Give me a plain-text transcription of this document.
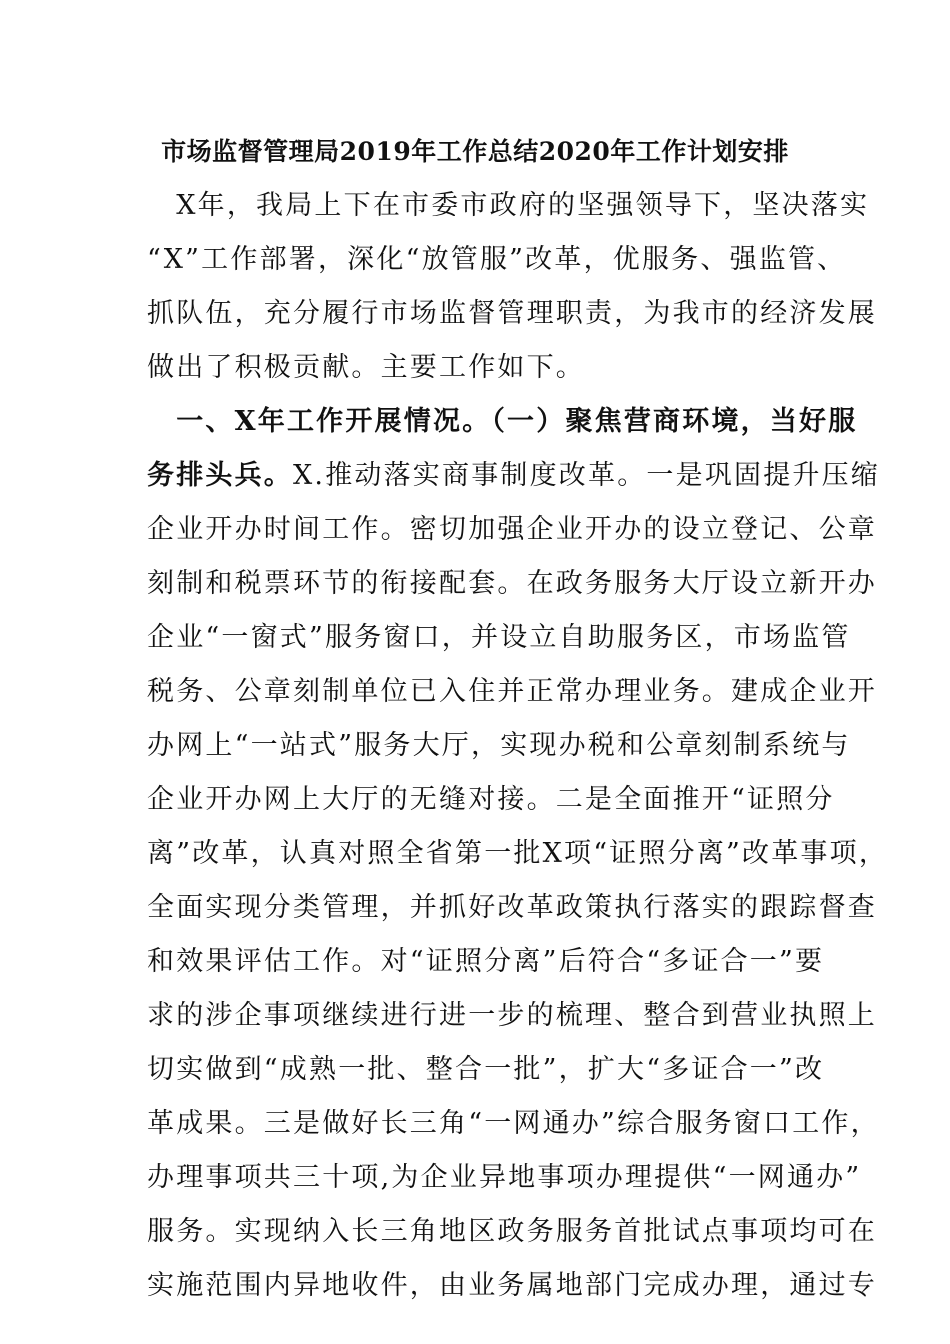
市场监督管理局2019年工作总结2020年工作计划安排
　X年，我局上下在市委市政府的坚强领导下，坚决落实
“X”工作部署，深化“放管服”改革，优服务、强监管、
抓队伍，充分履行市场监督管理职责，为我市的经济发展
做出了积极贡献。主要工作如下。
　一、X年工作开展情况。（一）聚焦营商环境，当好服
务排头兵。X.推动落实商事制度改革。一是巩固提升压缩
企业开办时间工作。密切加强企业开办的设立登记、公章
刻制和税票环节的衔接配套。在政务服务大厅设立新开办
企业“一窗式”服务窗口，并设立自助服务区，市场监管
税务、公章刻制单位已入住并正常办理业务。建成企业开
办网上“一站式”服务大厅，实现办税和公章刻制系统与
企业开办网上大厅的无缝对接。二是全面推开“证照分
离”改革，认真对照全省第一批X项“证照分离”改革事项，
全面实现分类管理，并抓好改革政策执行落实的跟踪督查
和效果评估工作。对“证照分离”后符合“多证合一”要
求的涉企事项继续进行进一步的梳理、整合到营业执照上
切实做到“成熟一批、整合一批”，扩大“多证合一”改
革成果。三是做好长三角“一网通办”综合服务窗口工作，
办理事项共三十项,为企业异地事项办理提供“一网通办”
服务。实现纳入长三角地区政务服务首批试点事项均可在
实施范围内异地收件，由业务属地部门完成办理，通过专
